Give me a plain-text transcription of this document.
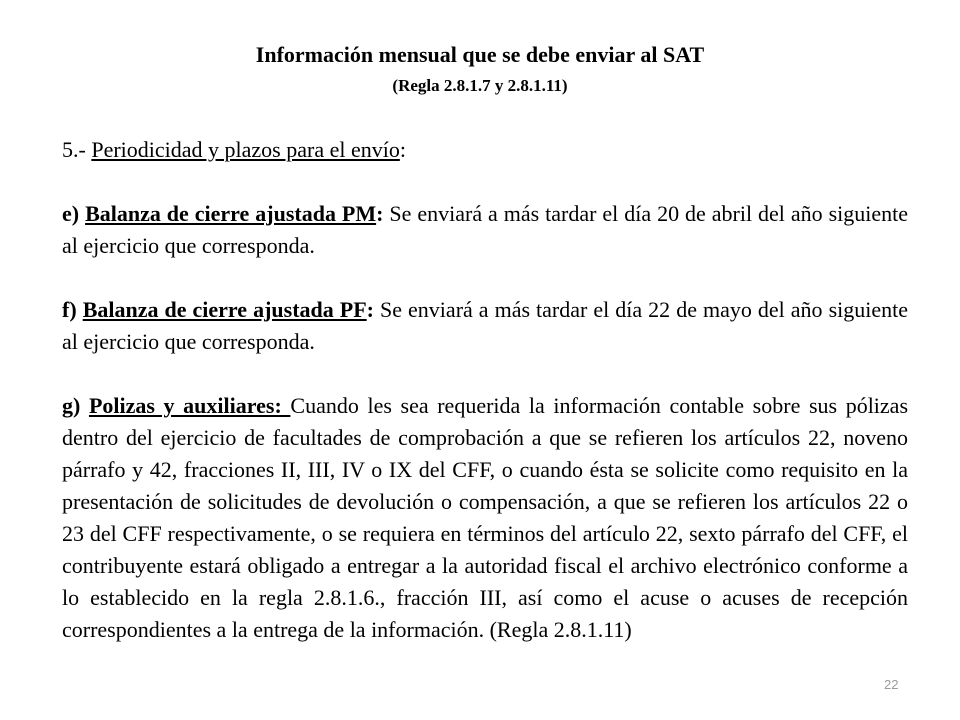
Información mensual que se debe enviar al SAT
(Regla 2.8.1.7 y 2.8.1.11)
5.- Periodicidad y plazos para el envío:

e) Balanza de cierre ajustada PM: Se enviará a más tardar el día 20 de abril del año siguiente al ejercicio que corresponda.

f) Balanza de cierre ajustada PF: Se enviará a más tardar el día 22 de mayo del año siguiente al ejercicio que corresponda.

g) Polizas y auxiliares: Cuando les sea requerida la información contable sobre sus pólizas dentro del ejercicio de facultades de comprobación a que se refieren los artículos 22, noveno párrafo y 42, fracciones II, III, IV o IX del CFF, o cuando ésta se solicite como requisito en la presentación de solicitudes de devolución o compensación, a que se refieren los artículos 22 o 23 del CFF respectivamente, o se requiera en términos del artículo 22, sexto párrafo del CFF, el contribuyente estará obligado a entregar a la autoridad fiscal el archivo electrónico conforme a lo establecido en la regla 2.8.1.6., fracción III, así como el acuse o acuses de recepción correspondientes a la entrega de la información. (Regla 2.8.1.11)

22
